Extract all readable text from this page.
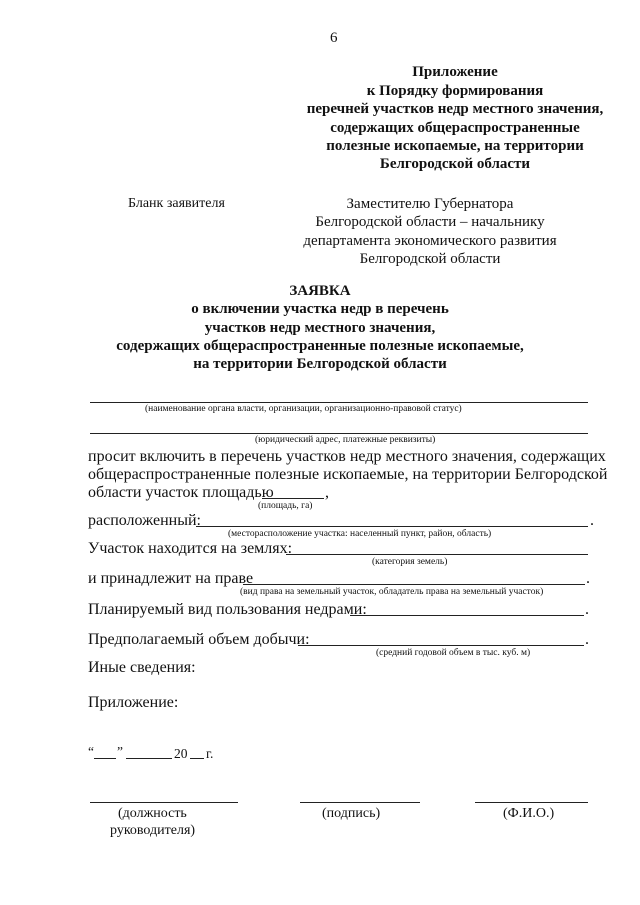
6
Приложение
к Порядку формирования
перечней участков недр местного значения,
содержащих общераспространенные
полезные ископаемые, на территории
Белгородской области
Бланк заявителя	Заместителю Губернатора
Белгородской области – начальнику
департамента экономического развития
Белгородской области
ЗАЯВКА
о включении участка недр в перечень
участков недр местного значения,
содержащих общераспространенные полезные ископаемые,
на территории Белгородской области
(наименование органа власти, организации, организационно-правовой статус)
(юридический адрес, платежные реквизиты)
просит включить в перечень участков недр местного значения, содержащих
общераспространенные полезные ископаемые, на территории Белгородской
области участок площадью	,
(площадь, га)
расположенный:	.
(месторасположение участка: населенный пункт, район, область)
Участок находится на землях:
(категория земель)
и принадлежит на праве	.
(вид права на земельный участок, обладатель права на земельный участок)
Планируемый вид пользования недрами:	.
Предполагаемый объем добычи:	.
(средний годовой объем в тыс. куб. м)
Иные сведения:
Приложение:
“ ”	20 г.
(должность
руководителя)
(подпись)	(Ф.И.О.)
